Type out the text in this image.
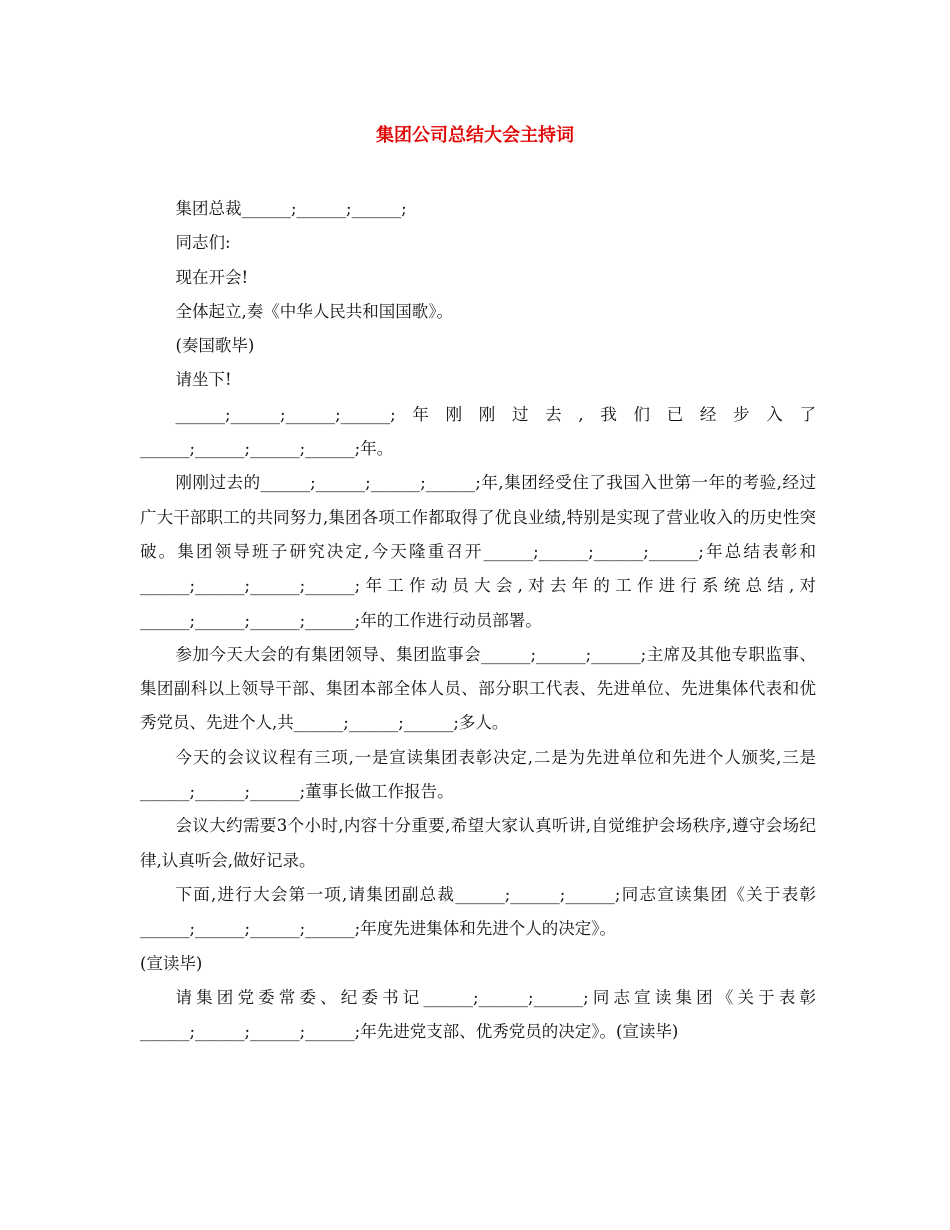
集团公司总结大会主持词

集团总裁______;______;______;

同志们:

现在开会!

全体起立,奏《中华人民共和国国歌》。

(奏国歌毕)

请坐下!

______;______;______;______;年刚刚过去,我们已经步入了______;______;______;______;年。

刚刚过去的______;______;______;______;年,集团经受住了我国入世第一年的考验,经过广大干部职工的共同努力,集团各项工作都取得了优良业绩,特别是实现了营业收入的历史性突破。集团领导班子研究决定,今天隆重召开______;______;______;______;年总结表彰和______;______;______;______;年工作动员大会,对去年的工作进行系统总结,对______;______;______;______;年的工作进行动员部署。

参加今天大会的有集团领导、集团监事会______;______;______;主席及其他专职监事、集团副科以上领导干部、集团本部全体人员、部分职工代表、先进单位、先进集体代表和优秀党员、先进个人,共______;______;______;多人。

今天的会议议程有三项,一是宣读集团表彰决定,二是为先进单位和先进个人颁奖,三是______;______;______;董事长做工作报告。

会议大约需要3个小时,内容十分重要,希望大家认真听讲,自觉维护会场秩序,遵守会场纪律,认真听会,做好记录。

下面,进行大会第一项,请集团副总裁______;______;______;同志宣读集团《关于表彰______;______;______;______;年度先进集体和先进个人的决定》。

(宣读毕)

请集团党委常委、纪委书记______;______;______;同志宣读集团《关于表彰______;______;______;______;年先进党支部、优秀党员的决定》。(宣读毕)
